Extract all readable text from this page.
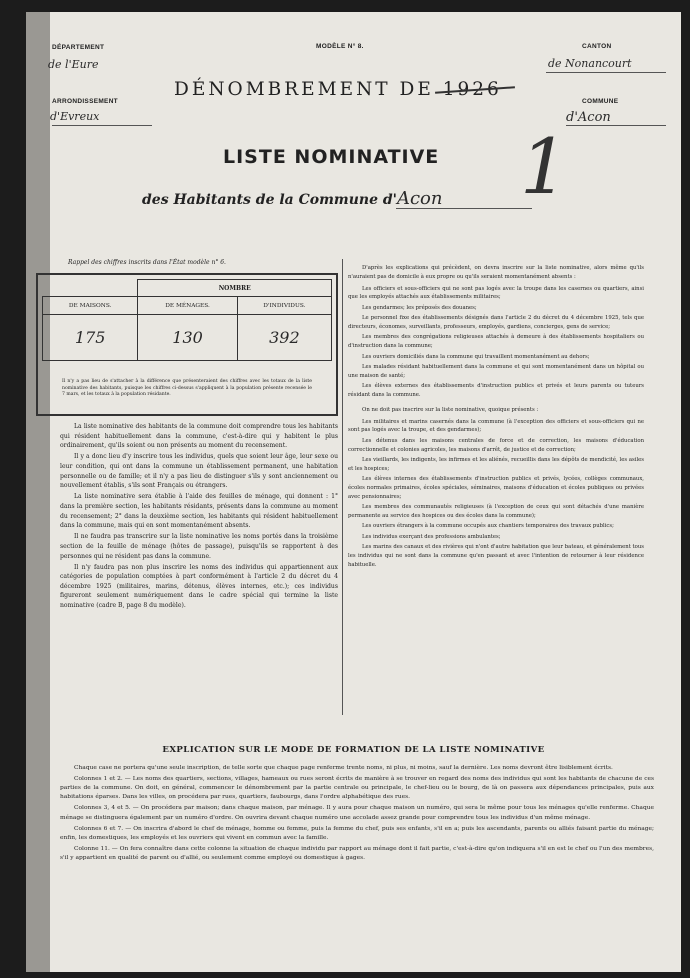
DÉPARTEMENT
de l'Eure
MODÈLE N° 8.	CANTON
de Nonancourt
DÉNOMBREMENT DE 1926
ARRONDISSEMENT
d'Evreux
COMMUNE
d'Acon
1
LISTE NOMINATIVE
des Habitants de la Commune d'Acon
Rappel des chiffres inscrits dans l'État modèle n° 6.
	NOMBRE	
DE MAISONS.	DE MÉNAGES.	D'INDIVIDUS.
175	130	392
Il n'y a pas lieu de s'attacher à la différence que présenteraient des chiffres avec les totaux de la liste nominative des habitants, puisque les chiffres ci-dessus s'appliquent à la population présente recensée le 7 mars, et les totaux à la population résidante.

La liste nominative des habitants de la commune doit comprendre tous les habitants qui résident habituellement dans la commune, c'est-à-dire qui y habitent le plus ordinairement, qu'ils soient ou non présents au moment du recensement.

Il y a donc lieu d'y inscrire tous les individus, quels que soient leur âge, leur sexe ou leur condition, qui ont dans la commune un établissement permanent, une habitation personnelle ou de famille; et il n'y a pas lieu de distinguer s'ils y sont anciennement ou nouvellement établis, s'ils sont Français ou étrangers.

La liste nominative sera établie à l'aide des feuilles de ménage, qui donnent : 1° dans la première section, les habitants résidants, présents dans la commune au moment du recensement; 2° dans la deuxième section, les habitants qui résident habituellement dans la commune, mais qui en sont momentanément absents.

Il ne faudra pas transcrire sur la liste nominative les noms portés dans la troisième section de la feuille de ménage (hôtes de passage), puisqu'ils se rapportent à des personnes qui ne résident pas dans la commune.

Il n'y faudra pas non plus inscrire les noms des individus qui appartiennent aux catégories de population comptées à part conformément à l'article 2 du décret du 4 décembre 1925 (militaires, marins, détenus, élèves internes, etc.); ces individus figureront seulement numériquement dans le cadre spécial qui termine la liste nominative (cadre B, page 8 du modèle).

D'après les explications qui précèdent, on devra inscrire sur la liste nominative, alors même qu'ils n'auraient pas de domicile à eux propre ou qu'ils seraient momentanément absents :

Les officiers et sous-officiers qui ne sont pas logés avec la troupe dans les casernes ou quartiers, ainsi que les employés attachés aux établissements militaires;

Les gendarmes; les préposés des douanes;

Le personnel fixe des établissements désignés dans l'article 2 du décret du 4 décembre 1925, tels que directeurs, économes, surveillants, professeurs, employés, gardiens, concierges, gens de service;

Les membres des congrégations religieuses attachés à demeure à des établissements hospitaliers ou d'instruction dans la commune;

Les ouvriers domiciliés dans la commune qui travaillent momentanément au dehors;

Les malades résidant habituellement dans la commune et qui sont momentanément dans un hôpital ou une maison de santé;

Les élèves externes des établissements d'instruction publics et privés et leurs parents ou tuteurs résidant dans la commune.

On ne doit pas inscrire sur la liste nominative, quoique présents :

Les militaires et marins casernés dans la commune (à l'exception des officiers et sous-officiers qui ne sont pas logés avec la troupe, et des gendarmes);

Les détenus dans les maisons centrales de force et de correction, les maisons d'éducation correctionnelle et colonies agricoles, les maisons d'arrêt, de justice et de correction;

Les vieillards, les indigents, les infirmes et les aliénés, recueillis dans les dépôts de mendicité, les asiles et les hospices;

Les élèves internes des établissements d'instruction publics et privés, lycées, collèges communaux, écoles normales primaires, écoles spéciales, séminaires, maisons d'éducation et écoles publiques ou privées avec pensionnaires;

Les membres des communautés religieuses (à l'exception de ceux qui sont détachés d'une manière permanente au service des hospices ou des écoles dans la commune);

Les ouvriers étrangers à la commune occupés aux chantiers temporaires des travaux publics;

Les individus exerçant des professions ambulantes;

Les marins des canaux et des rivières qui n'ont d'autre habitation que leur bateau, et généralement tous les individus qui ne sont dans la commune qu'en passant et avec l'intention de retourner à leur résidence habituelle.

EXPLICATION SUR LE MODE DE FORMATION DE LA LISTE NOMINATIVE

Chaque case ne portera qu'une seule inscription, de telle sorte que chaque page renferme trente noms, ni plus, ni moins, sauf la dernière. Les noms devront être lisiblement écrits.

Colonnes 1 et 2. — Les noms des quartiers, sections, villages, hameaux ou rues seront écrits de manière à se trouver en regard des noms des individus qui sont les habitants de chacune de ces parties de la commune. On doit, en général, commencer le dénombrement par la partie centrale ou principale, le chef-lieu ou le bourg, de là on passera aux dépendances principales, puis aux habitations éparses. Dans les villes, on procédera par rues, quartiers, faubourgs, dans l'ordre alphabétique des rues.

Colonnes 3, 4 et 5. — On procédera par maison; dans chaque maison, par ménage. Il y aura pour chaque maison un numéro, qui sera le même pour tous les ménages qu'elle renferme. Chaque ménage se distinguera également par un numéro d'ordre. On ouvrira devant chaque numéro une accolade assez grande pour comprendre tous les individus d'un même ménage.

Colonnes 6 et 7. — On inscrira d'abord le chef de ménage, homme ou femme, puis la femme du chef, puis ses enfants, s'il en a; puis les ascendants, parents ou alliés faisant partie du ménage; enfin, les domestiques, les employés et les ouvriers qui vivent en commun avec la famille.

Colonne 11. — On fera connaître dans cette colonne la situation de chaque individu par rapport au ménage dont il fait partie, c'est-à-dire qu'on indiquera s'il en est le chef ou l'un des membres, s'il y appartient en qualité de parent ou d'allié, ou seulement comme employé ou domestique à gages.
